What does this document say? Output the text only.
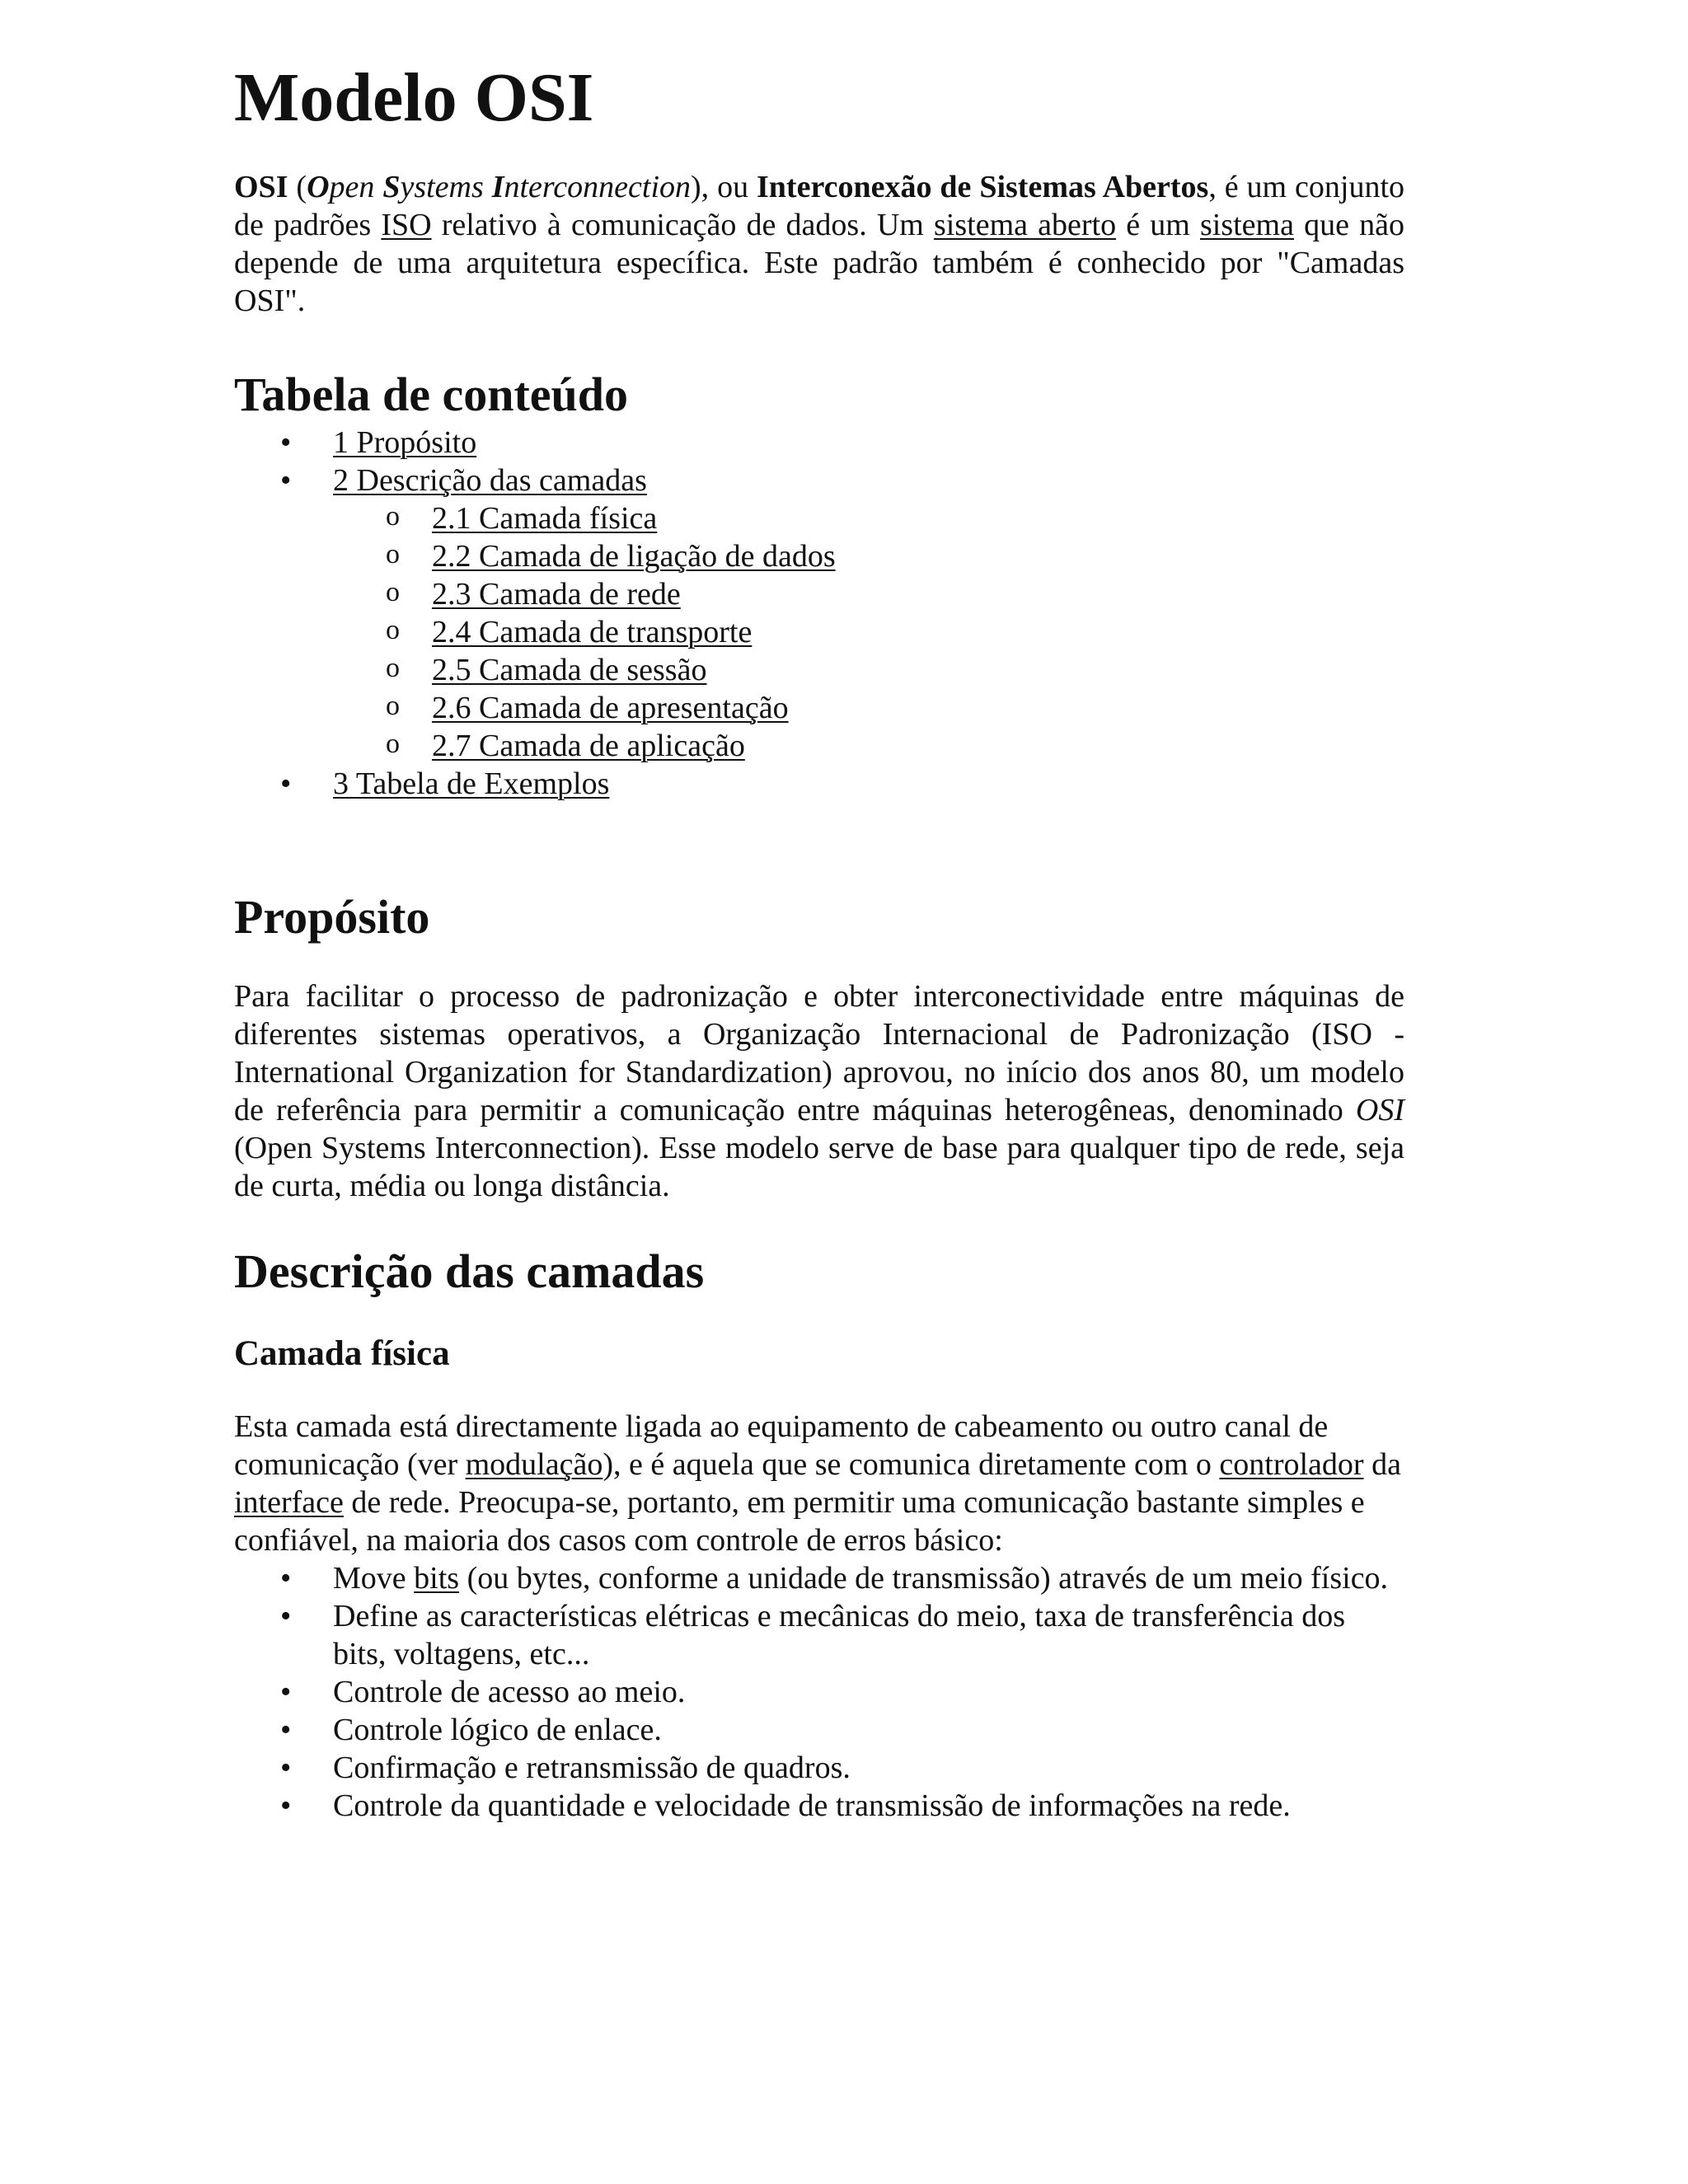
Modelo OSI

OSI (Open Systems Interconnection), ou Interconexão de Sistemas Abertos, é um conjunto de padrões ISO relativo à comunicação de dados. Um sistema aberto é um sistema que não depende de uma arquitetura específica. Este padrão também é conhecido por "Camadas OSI".

Tabela de conteúdo
• 1 Propósito
• 2 Descrição das camadas
o 2.1 Camada física
o 2.2 Camada de ligação de dados
o 2.3 Camada de rede
o 2.4 Camada de transporte
o 2.5 Camada de sessão
o 2.6 Camada de apresentação
o 2.7 Camada de aplicação
• 3 Tabela de Exemplos
Propósito

Para facilitar o processo de padronização e obter interconectividade entre máquinas de diferentes sistemas operativos, a Organização Internacional de Padronização (ISO - International Organization for Standardization) aprovou, no início dos anos 80, um modelo de referência para permitir a comunicação entre máquinas heterogêneas, denominado OSI (Open Systems Interconnection). Esse modelo serve de base para qualquer tipo de rede, seja de curta, média ou longa distância.

Descrição das camadas
Camada física

Esta camada está directamente ligada ao equipamento de cabeamento ou outro canal de comunicação (ver modulação), e é aquela que se comunica diretamente com o controlador da interface de rede. Preocupa-se, portanto, em permitir uma comunicação bastante simples e confiável, na maioria dos casos com controle de erros básico:

• Move bits (ou bytes, conforme a unidade de transmissão) através de um meio físico.
• Define as características elétricas e mecânicas do meio, taxa de transferência dos bits, voltagens, etc...
• Controle de acesso ao meio.
• Controle lógico de enlace.
• Confirmação e retransmissão de quadros.
• Controle da quantidade e velocidade de transmissão de informações na rede.
